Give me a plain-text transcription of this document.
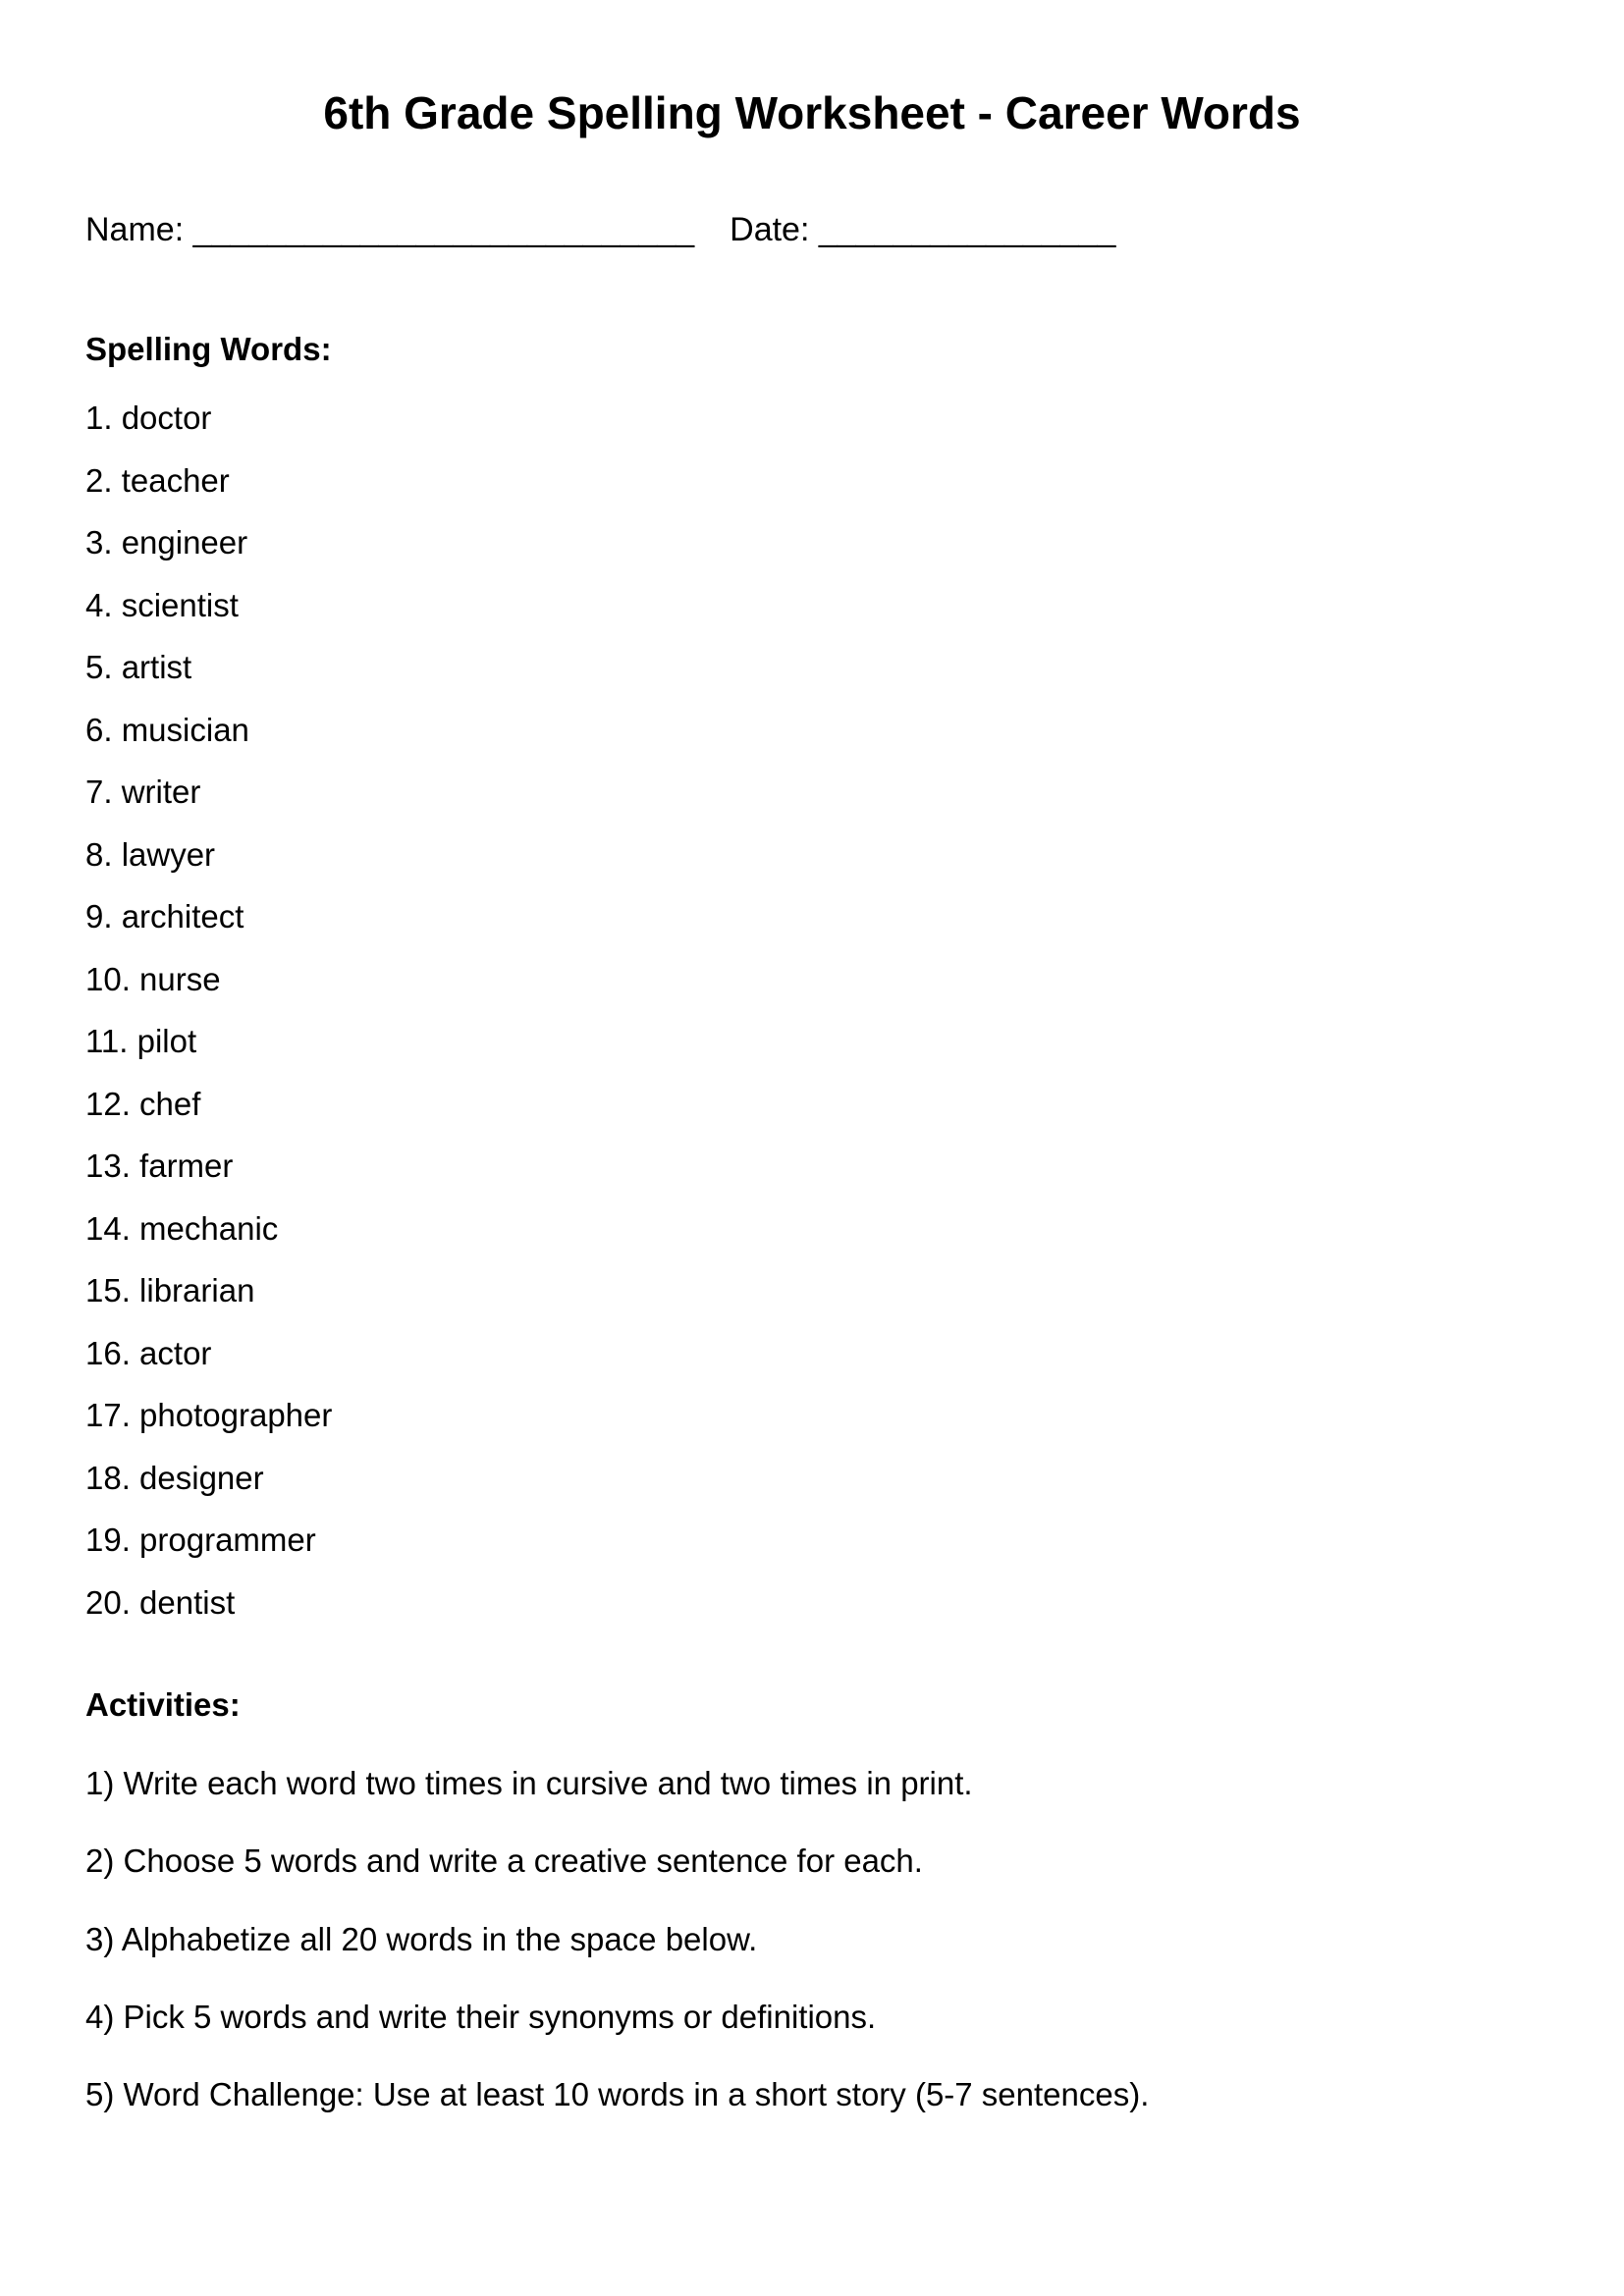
6th Grade Spelling Worksheet - Career Words
Name: ___________________________ Date: ________________
Spelling Words:
1. doctor
2. teacher
3. engineer
4. scientist
5. artist
6. musician
7. writer
8. lawyer
9. architect
10. nurse
11. pilot
12. chef
13. farmer
14. mechanic
15. librarian
16. actor
17. photographer
18. designer
19. programmer
20. dentist
Activities:
1) Write each word two times in cursive and two times in print.
2) Choose 5 words and write a creative sentence for each.
3) Alphabetize all 20 words in the space below.
4) Pick 5 words and write their synonyms or definitions.
5) Word Challenge: Use at least 10 words in a short story (5-7 sentences).
